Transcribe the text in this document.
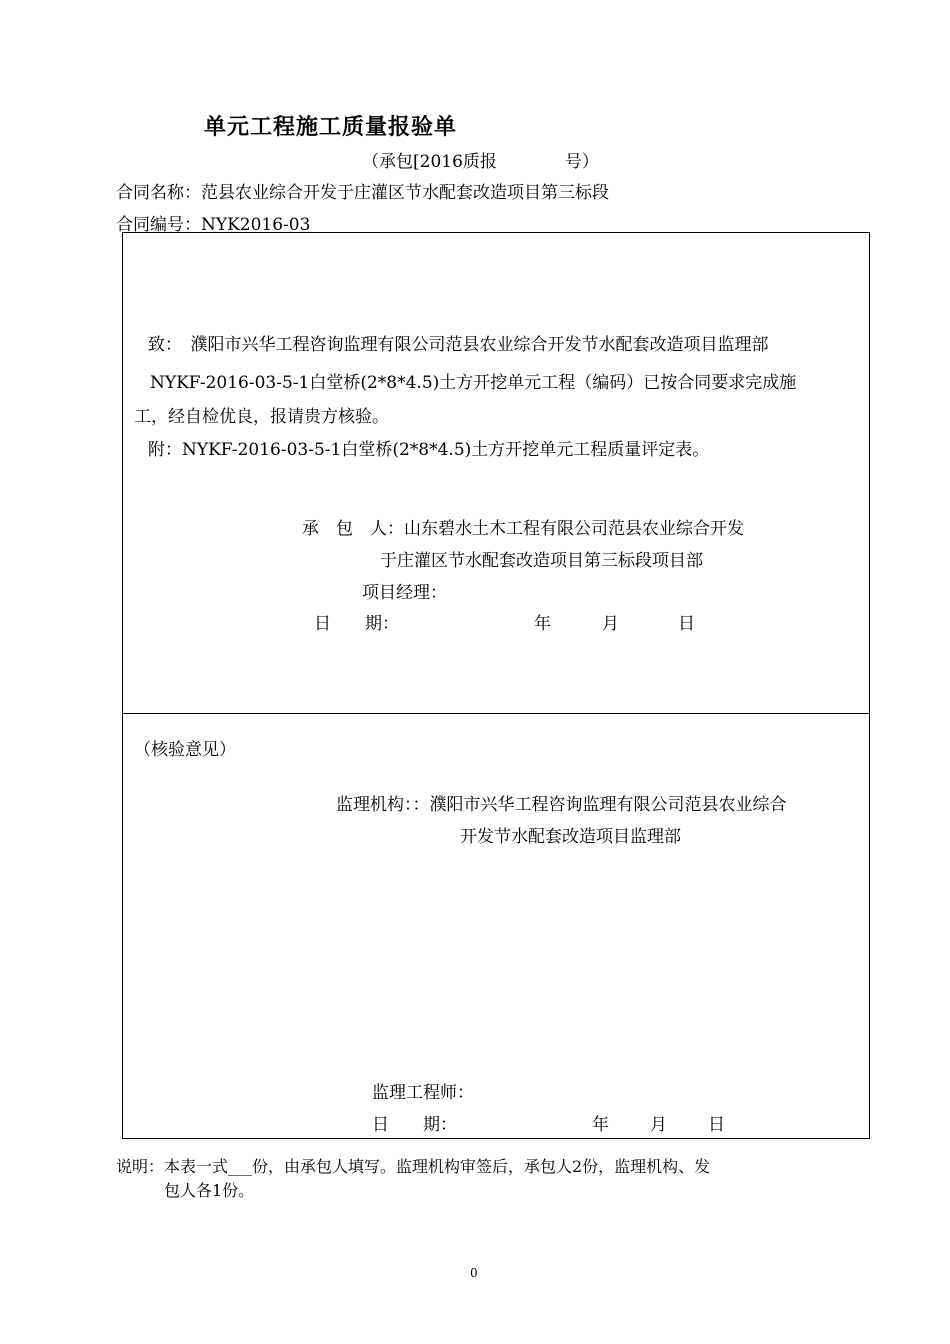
单元工程施工质量报验单
（承包[2016质报　　　　号）
合同名称：范县农业综合开发于庄灌区节水配套改造项目第三标段
合同编号：NYK2016-03
致：　濮阳市兴华工程咨询监理有限公司范县农业综合开发节水配套改造项目监理部
NYKF-2016-03-5-1白堂桥(2*8*4.5)土方开挖单元工程（编码）已按合同要求完成施
工，经自检优良，报请贵方核验。
附：NYKF-2016-03-5-1白堂桥(2*8*4.5)土方开挖单元工程质量评定表。
承　包　人：山东碧水土木工程有限公司范县农业综合开发
于庄灌区节水配套改造项目第三标段项目部
项目经理：
日　　期：	年	月	日
（核验意见）
监理机构：：濮阳市兴华工程咨询监理有限公司范县农业综合
开发节水配套改造项目监理部
监理工程师：
日　　期：	年 月 日
说明：本表一式___份，由承包人填写。监理机构审签后，承包人2份，监理机构、发
包人各1份。
0
